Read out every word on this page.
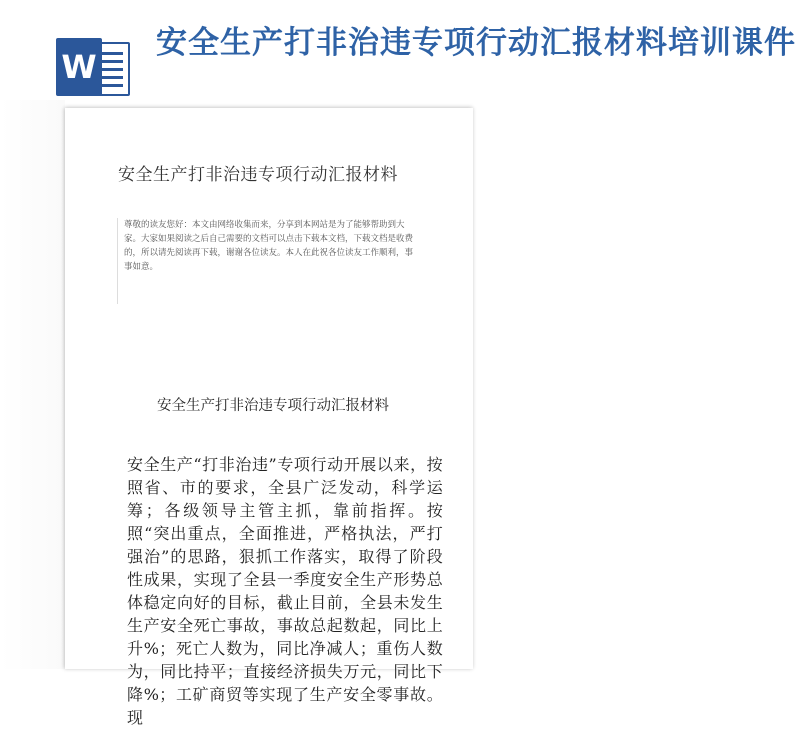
W
安全生产打非治违专项行动汇报材料培训课件
安全生产打非治违专项行动汇报材料
尊敬的读友您好：本文由网络收集而来，分享到本网站是为了能够帮助到大家。大家如果阅读之后自己需要的文档可以点击下载本文档，下载文档是收费的，所以请先阅读再下载，谢谢各位读友。本人在此祝各位读友工作顺利，事事如意。
安全生产打非治违专项行动汇报材料
安全生产“打非治违”专项行动开展以来，按照省、市的要求，全县广泛发动，科学运筹；各级领导主管主抓，靠前指挥。按照“突出重点，全面推进，严格执法，严打强治”的思路，狠抓工作落实，取得了阶段性成果，实现了全县一季度安全生产形势总体稳定向好的目标，截止目前，全县未发生生产安全死亡事故，事故总起数起，同比上升%；死亡人数为，同比净减人；重伤人数为，同比持平；直接经济损失万元，同比下降%；工矿商贸等实现了生产安全零事故。现
